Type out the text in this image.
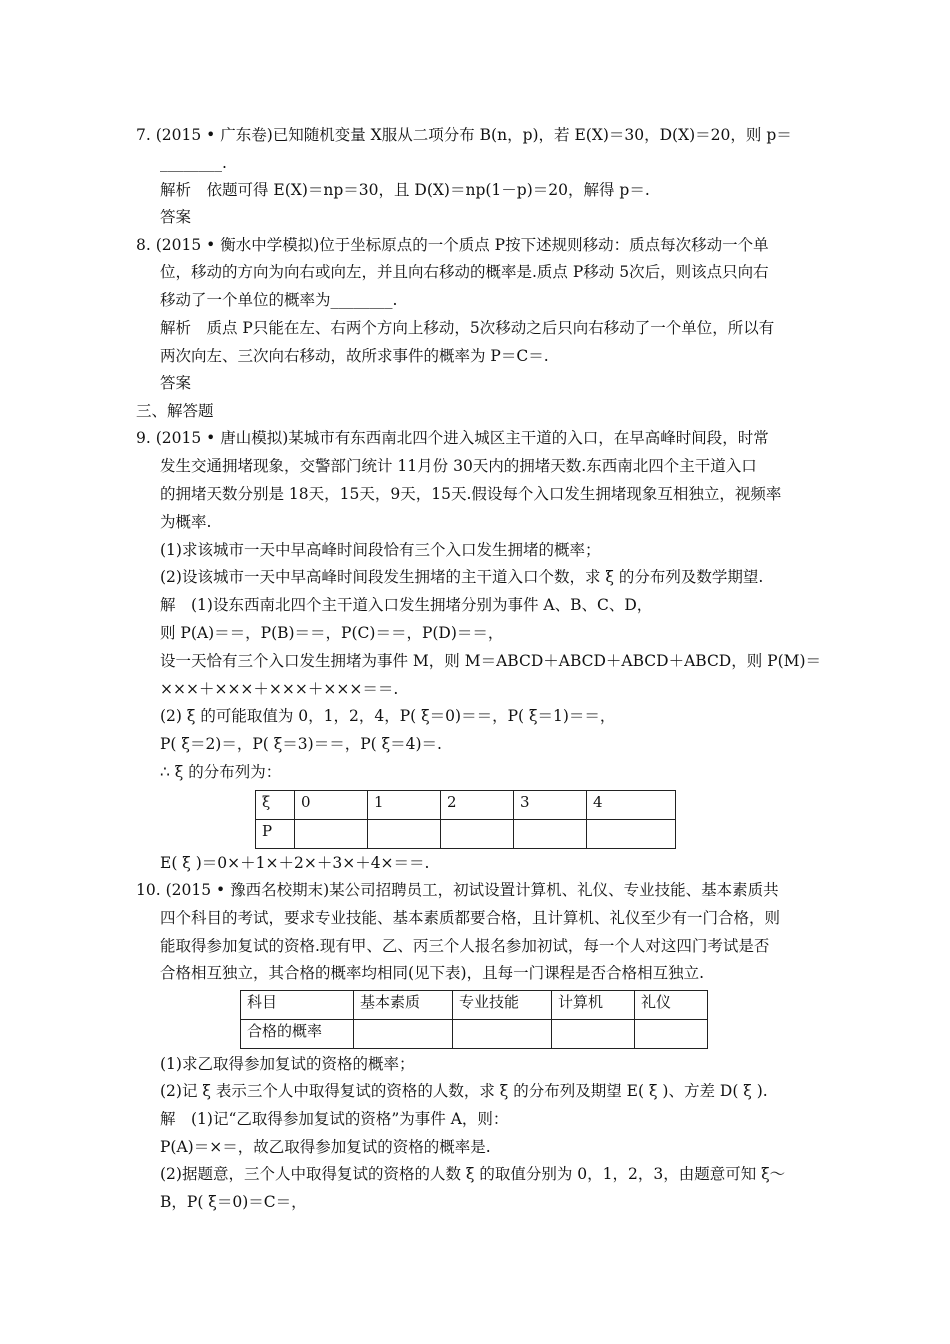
7. (2015 • 广东卷)已知随机变量 X服从二项分布 B(n，p)，若 E(X)＝30，D(X)＝20，则 p＝
________.
解析　依题可得 E(X)＝np＝30，且 D(X)＝np(1－p)＝20，解得 p＝.
答案
8. (2015 • 衡水中学模拟)位于坐标原点的一个质点 P按下述规则移动：质点每次移动一个单
位，移动的方向为向右或向左，并且向右移动的概率是.质点 P移动 5次后，则该点只向右
移动了一个单位的概率为________.
解析　质点 P只能在左、右两个方向上移动，5次移动之后只向右移动了一个单位，所以有
两次向左、三次向右移动，故所求事件的概率为 P＝C＝.
答案
三、解答题
9. (2015 • 唐山模拟)某城市有东西南北四个进入城区主干道的入口，在早高峰时间段，时常
发生交通拥堵现象，交警部门统计 11月份 30天内的拥堵天数.东西南北四个主干道入口
的拥堵天数分别是 18天，15天，9天，15天.假设每个入口发生拥堵现象互相独立，视频率
为概率.
(1)求该城市一天中早高峰时间段恰有三个入口发生拥堵的概率；
(2)设该城市一天中早高峰时间段发生拥堵的主干道入口个数，求 ξ 的分布列及数学期望.
解　(1)设东西南北四个主干道入口发生拥堵分别为事件 A、B、C、D，
则 P(A)＝＝，P(B)＝＝，P(C)＝＝，P(D)＝＝，
设一天恰有三个入口发生拥堵为事件 M，则 M＝ABCD＋ABCD＋ABCD＋ABCD，则 P(M)＝
×××＋×××＋×××＋×××＝＝.
(2) ξ 的可能取值为 0，1，2，4，P( ξ＝0)＝＝，P( ξ＝1)＝＝，
P( ξ＝2)＝，P( ξ＝3)＝＝，P( ξ＝4)＝.
∴ ξ 的分布列为：
ξ	0	1	2	3	4
P					
E( ξ )＝0×＋1×＋2×＋3×＋4×＝＝.
10. (2015 • 豫西名校期末)某公司招聘员工，初试设置计算机、礼仪、专业技能、基本素质共
四个科目的考试，要求专业技能、基本素质都要合格，且计算机、礼仪至少有一门合格，则
能取得参加复试的资格.现有甲、乙、丙三个人报名参加初试，每一个人对这四门考试是否
合格相互独立，其合格的概率均相同(见下表)，且每一门课程是否合格相互独立.
科目	基本素质	专业技能	计算机	礼仪
合格的概率				
(1)求乙取得参加复试的资格的概率；
(2)记 ξ 表示三个人中取得复试的资格的人数，求 ξ 的分布列及期望 E( ξ )、方差 D( ξ ).
解　(1)记“乙取得参加复试的资格”为事件 A，则：
P(A)＝×＝，故乙取得参加复试的资格的概率是.
(2)据题意，三个人中取得复试的资格的人数 ξ 的取值分别为 0，1，2，3，由题意可知 ξ～
B，P( ξ＝0)＝C＝，
